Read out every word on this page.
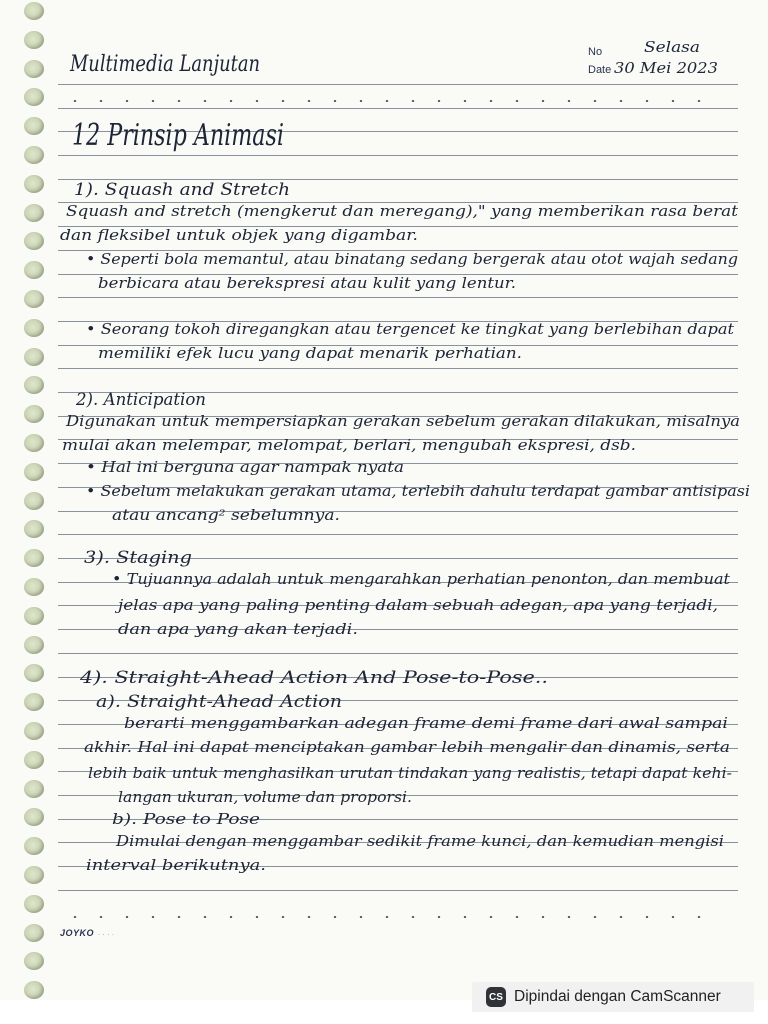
Multimedia Lanjutan	No	Selasa
Date 30 Mei 2023
12 Prinsip Animasi
1). Squash and Stretch
Squash and stretch (mengkerut dan meregang)," yang memberikan rasa berat
dan fleksibel untuk objek yang digambar.
• Seperti bola memantul, atau binatang sedang bergerak atau otot wajah sedang
berbicara atau berekspresi atau kulit yang lentur.
• Seorang tokoh diregangkan atau tergencet ke tingkat yang berlebihan dapat
memiliki efek lucu yang dapat menarik perhatian.
2). Anticipation
Digunakan untuk mempersiapkan gerakan sebelum gerakan dilakukan, misalnya
mulai akan melempar, melompat, berlari, mengubah ekspresi, dsb.
• Hal ini berguna agar nampak nyata
• Sebelum melakukan gerakan utama, terlebih dahulu terdapat gambar antisipasi
atau ancang² sebelumnya.
3). Staging
• Tujuannya adalah untuk mengarahkan perhatian penonton, dan membuat
jelas apa yang paling penting dalam sebuah adegan, apa yang terjadi,
dan apa yang akan terjadi.
4). Straight-Ahead Action And Pose-to-Pose..
a). Straight-Ahead Action
berarti menggambarkan adegan frame demi frame dari awal sampai
akhir. Hal ini dapat menciptakan gambar lebih mengalir dan dinamis, serta
lebih baik untuk menghasilkan urutan tindakan yang realistis, tetapi dapat kehi-
langan ukuran, volume dan proporsi.
b). Pose to Pose
Dimulai dengan menggambar sedikit frame kunci, dan kemudian mengisi
interval berikutnya.
JOYKO · · · ·
CS Dipindai dengan CamScanner
